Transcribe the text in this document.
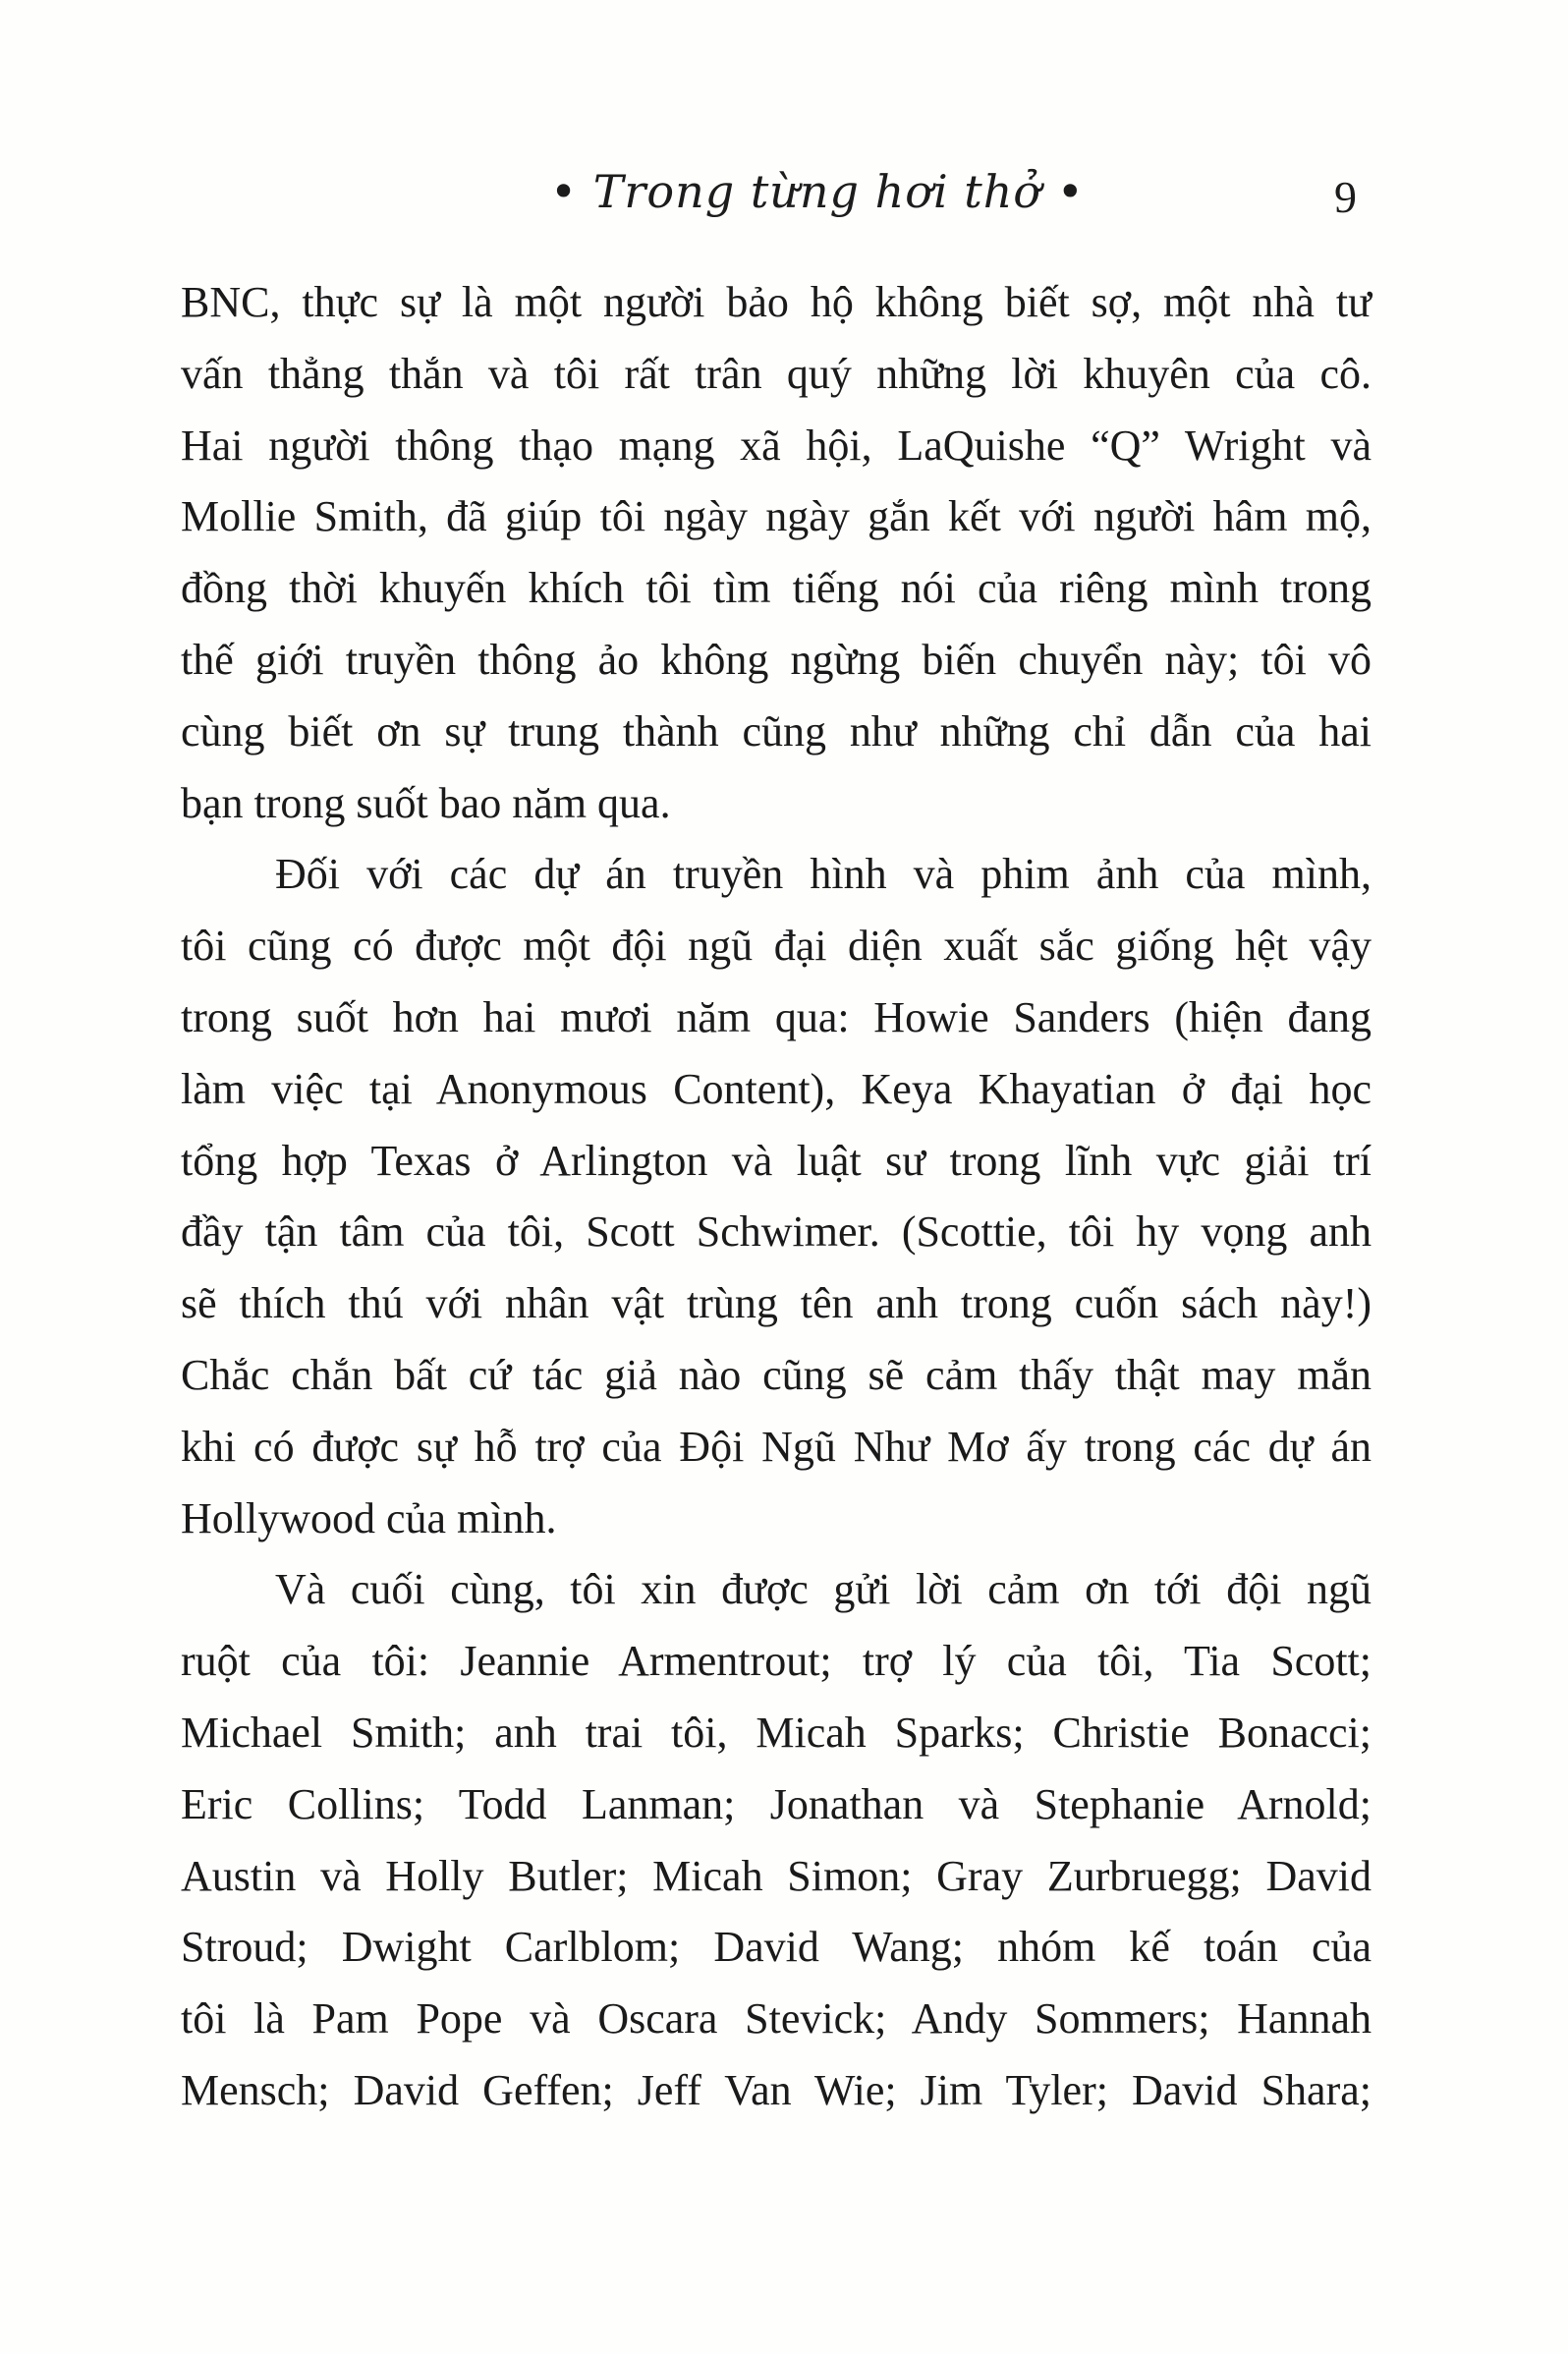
• Trong từng hơi thở •	9

BNC, thực sự là một người bảo hộ không biết sợ, một nhà tư
vấn thẳng thắn và tôi rất trân quý những lời khuyên của cô.
Hai người thông thạo mạng xã hội, LaQuishe “Q” Wright và
Mollie Smith, đã giúp tôi ngày ngày gắn kết với người hâm mộ,
đồng thời khuyến khích tôi tìm tiếng nói của riêng mình trong
thế giới truyền thông ảo không ngừng biến chuyển này; tôi vô
cùng biết ơn sự trung thành cũng như những chỉ dẫn của hai
bạn trong suốt bao năm qua.

Đối với các dự án truyền hình và phim ảnh của mình,
tôi cũng có được một đội ngũ đại diện xuất sắc giống hệt vậy
trong suốt hơn hai mươi năm qua: Howie Sanders (hiện đang
làm việc tại Anonymous Content), Keya Khayatian ở đại học
tổng hợp Texas ở Arlington và luật sư trong lĩnh vực giải trí
đầy tận tâm của tôi, Scott Schwimer. (Scottie, tôi hy vọng anh
sẽ thích thú với nhân vật trùng tên anh trong cuốn sách này!)
Chắc chắn bất cứ tác giả nào cũng sẽ cảm thấy thật may mắn
khi có được sự hỗ trợ của Đội Ngũ Như Mơ ấy trong các dự án
Hollywood của mình.

Và cuối cùng, tôi xin được gửi lời cảm ơn tới đội ngũ
ruột của tôi: Jeannie Armentrout; trợ lý của tôi, Tia Scott;
Michael Smith; anh trai tôi, Micah Sparks; Christie Bonacci;
Eric Collins; Todd Lanman; Jonathan và Stephanie Arnold;
Austin và Holly Butler; Micah Simon; Gray Zurbruegg; David
Stroud; Dwight Carlblom; David Wang; nhóm kế toán của
tôi là Pam Pope và Oscara Stevick; Andy Sommers; Hannah
Mensch; David Geffen; Jeff Van Wie; Jim Tyler; David Shara;
